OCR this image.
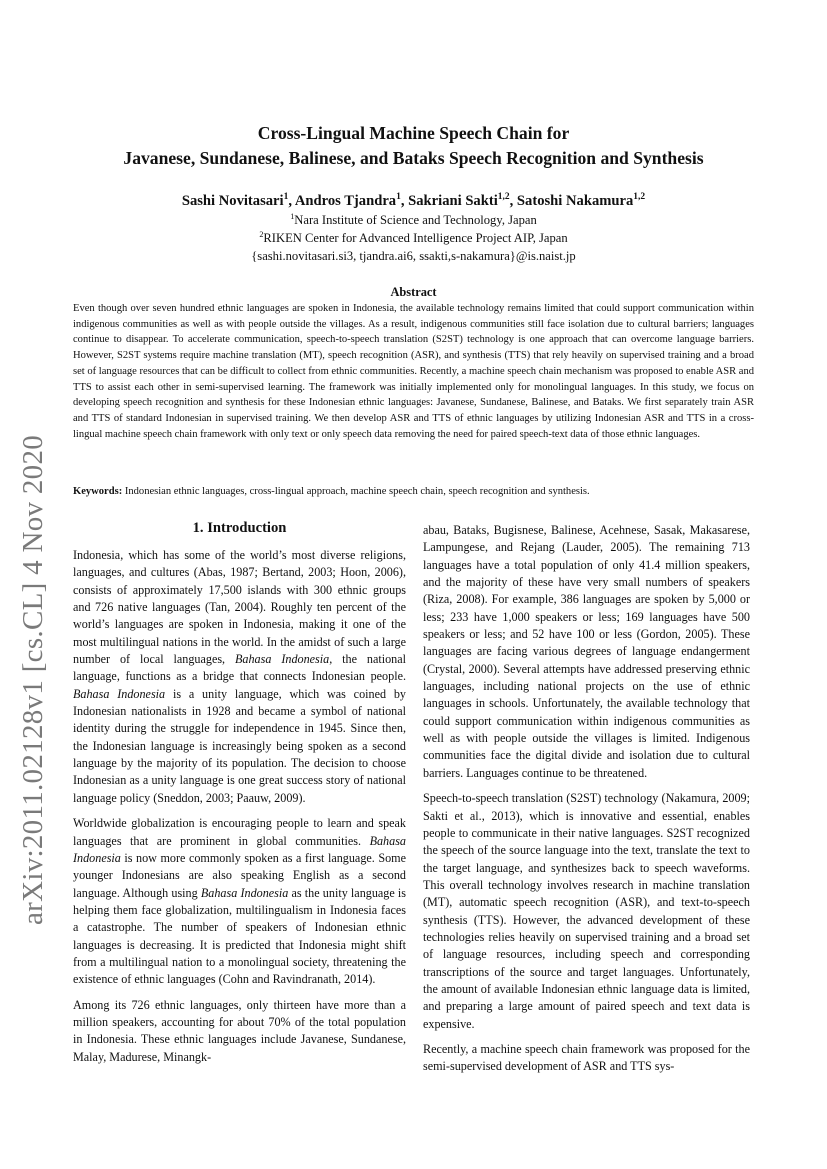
arXiv:2011.02128v1 [cs.CL] 4 Nov 2020
Cross-Lingual Machine Speech Chain for
Javanese, Sundanese, Balinese, and Bataks Speech Recognition and Synthesis
Sashi Novitasari$^1$, Andros Tjandra$^1$, Sakriani Sakti$^{1,2}$, Satoshi Nakamura$^{1,2}$
$^1$Nara Institute of Science and Technology, Japan
$^2$RIKEN Center for Advanced Intelligence Project AIP, Japan
{sashi.novitasari.si3, tjandra.ai6, ssakti,s-nakamura}@is.naist.jp
Abstract

Even though over seven hundred ethnic languages are spoken in Indonesia, the available technology remains limited that could support communication within indigenous communities as well as with people outside the villages. As a result, indigenous communities still face isolation due to cultural barriers; languages continue to disappear. To accelerate communication, speech-to-speech translation (S2ST) technology is one approach that can overcome language barriers. However, S2ST systems require machine translation (MT), speech recognition (ASR), and synthesis (TTS) that rely heavily on supervised training and a broad set of language resources that can be difficult to collect from ethnic communities. Recently, a machine speech chain mechanism was proposed to enable ASR and TTS to assist each other in semi-supervised learning. The framework was initially implemented only for monolingual languages. In this study, we focus on developing speech recognition and synthesis for these Indonesian ethnic languages: Javanese, Sundanese, Balinese, and Bataks. We first separately train ASR and TTS of standard Indonesian in supervised training. We then develop ASR and TTS of ethnic languages by utilizing Indonesian ASR and TTS in a cross-lingual machine speech chain framework with only text or only speech data removing the need for paired speech-text data of those ethnic languages.

Keywords: Indonesian ethnic languages, cross-lingual approach, machine speech chain, speech recognition and synthesis.

1. Introduction

Indonesia, which has some of the world’s most diverse religions, languages, and cultures (Abas, 1987; Bertand, 2003; Hoon, 2006), consists of approximately 17,500 islands with 300 ethnic groups and 726 native languages (Tan, 2004). Roughly ten percent of the world’s languages are spoken in Indonesia, making it one of the most multilingual nations in the world. In the amidst of such a large number of local languages, Bahasa Indonesia, the national language, functions as a bridge that connects Indonesian people. Bahasa Indonesia is a unity language, which was coined by Indonesian nationalists in 1928 and became a symbol of national identity during the struggle for independence in 1945. Since then, the Indonesian language is increasingly being spoken as a second language by the majority of its population. The decision to choose Indonesian as a unity language is one great success story of national language policy (Sneddon, 2003; Paauw, 2009).

Worldwide globalization is encouraging people to learn and speak languages that are prominent in global communities. Bahasa Indonesia is now more commonly spoken as a first language. Some younger Indonesians are also speaking English as a second language. Although using Bahasa Indonesia as the unity language is helping them face globalization, multilingualism in Indonesia faces a catastrophe. The number of speakers of Indonesian ethnic languages is decreasing. It is predicted that Indonesia might shift from a multilingual nation to a monolingual society, threatening the existence of ethnic languages (Cohn and Ravindranath, 2014).

Among its 726 ethnic languages, only thirteen have more than a million speakers, accounting for about 70% of the total population in Indonesia. These ethnic languages include Javanese, Sundanese, Malay, Madurese, Minangk-

abau, Bataks, Bugisnese, Balinese, Acehnese, Sasak, Makasarese, Lampungese, and Rejang (Lauder, 2005). The remaining 713 languages have a total population of only 41.4 million speakers, and the majority of these have very small numbers of speakers (Riza, 2008). For example, 386 languages are spoken by 5,000 or less; 233 have 1,000 speakers or less; 169 languages have 500 speakers or less; and 52 have 100 or less (Gordon, 2005). These languages are facing various degrees of language endangerment (Crystal, 2000). Several attempts have addressed preserving ethnic languages, including national projects on the use of ethnic languages in schools. Unfortunately, the available technology that could support communication within indigenous communities as well as with people outside the villages is limited. Indigenous communities face the digital divide and isolation due to cultural barriers. Languages continue to be threatened.

Speech-to-speech translation (S2ST) technology (Nakamura, 2009; Sakti et al., 2013), which is innovative and essential, enables people to communicate in their native languages. S2ST recognized the speech of the source language into the text, translate the text to the target language, and synthesizes back to speech waveforms. This overall technology involves research in machine translation (MT), automatic speech recognition (ASR), and text-to-speech synthesis (TTS). However, the advanced development of these technologies relies heavily on supervised training and a broad set of language resources, including speech and corresponding transcriptions of the source and target languages. Unfortunately, the amount of available Indonesian ethnic language data is limited, and preparing a large amount of paired speech and text data is expensive.

Recently, a machine speech chain framework was proposed for the semi-supervised development of ASR and TTS sys-
